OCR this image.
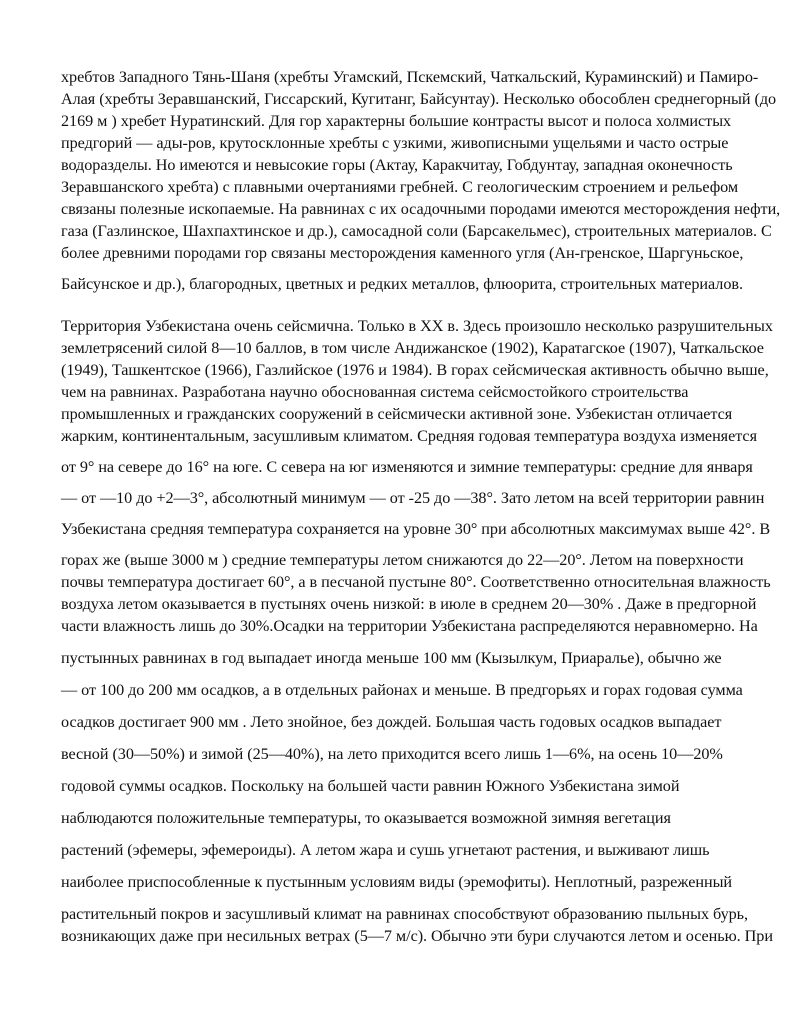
хребтов Западного Тянь-Шаня (хребты Угамский, Пскемский, Чаткальский, Кураминский) и Памиро-
Алая (хребты Зеравшанский, Гиссарский, Кугитанг, Байсунтау). Несколько обособлен среднегорный (до
2169 м ) хребет Нуратинский. Для гор характерны большие контрасты высот и полоса холмистых
предгорий — ады-ров, крутосклонные хребты с узкими, живописными ущельями и часто острые
водоразделы. Но имеются и невысокие горы (Актау, Каракчитау, Гобдунтау, западная оконечность
Зеравшанского хребта) с плавными очертаниями гребней. С геологическим строением и рельефом
связаны полезные ископаемые. На равнинах с их осадочными породами имеются месторождения нефти,
газа (Газлинское, Шахпахтинское и др.), самосадной соли (Барсакельмес), строительных материалов. С
более древними породами гор связаны месторождения каменного угля (Ан-гренское, Шаргуньское,
Байсунское и др.), благородных, цветных и редких металлов, флюорита, строительных материалов.
Территория Узбекистана очень сейсмична. Только в XX в. Здесь произошло несколько разрушительных
землетрясений силой 8—10 баллов, в том числе Андижанское (1902), Каратагское (1907), Чаткальское
(1949), Ташкентское (1966), Газлийское (1976 и 1984). В горах сейсмическая активность обычно выше,
чем на равнинах. Разработана научно обоснованная система сейсмостойкого строительства
промышленных и гражданских сооружений в сейсмически активной зоне. Узбекистан отличается
жарким, континентальным, засушливым климатом. Средняя годовая температура воздуха изменяется
от 9° на севере до 16° на юге. С севера на юг изменяются и зимние температуры: средние для января
— от —10 до +2—3°, абсолютный минимум — от -25 до —38°. Зато летом на всей территории равнин
Узбекистана средняя температура сохраняется на уровне 30° при абсолютных максимумах выше 42°. В
горах же (выше 3000 м ) средние температуры летом снижаются до 22—20°. Летом на поверхности
почвы температура достигает 60°, а в песчаной пустыне 80°. Соответственно относительная влажность
воздуха летом оказывается в пустынях очень низкой: в июле в среднем 20—30% . Даже в предгорной
части влажность лишь до 30%.Осадки на территории Узбекистана распределяются неравномерно. На
пустынных равнинах в год выпадает иногда меньше 100 мм (Кызылкум, Приаралье), обычно же
— от 100 до 200 мм осадков, а в отдельных районах и меньше. В предгорьях и горах годовая сумма
осадков достигает 900 мм . Лето знойное, без дождей. Большая часть годовых осадков выпадает
весной (30—50%) и зимой (25—40%), на лето приходится всего лишь 1—6%, на осень 10—20%
годовой суммы осадков. Поскольку на большей части равнин Южного Узбекистана зимой
наблюдаются положительные температуры, то оказывается возможной зимняя вегетация
растений (эфемеры, эфемероиды). А летом жара и сушь угнетают растения, и выживают лишь
наиболее приспособленные к пустынным условиям виды (эремофиты). Неплотный, разреженный
растительный покров и засушливый климат на равнинах способствуют образованию пыльных бурь,
возникающих даже при несильных ветрах (5—7 м/с). Обычно эти бури случаются летом и осенью. При
